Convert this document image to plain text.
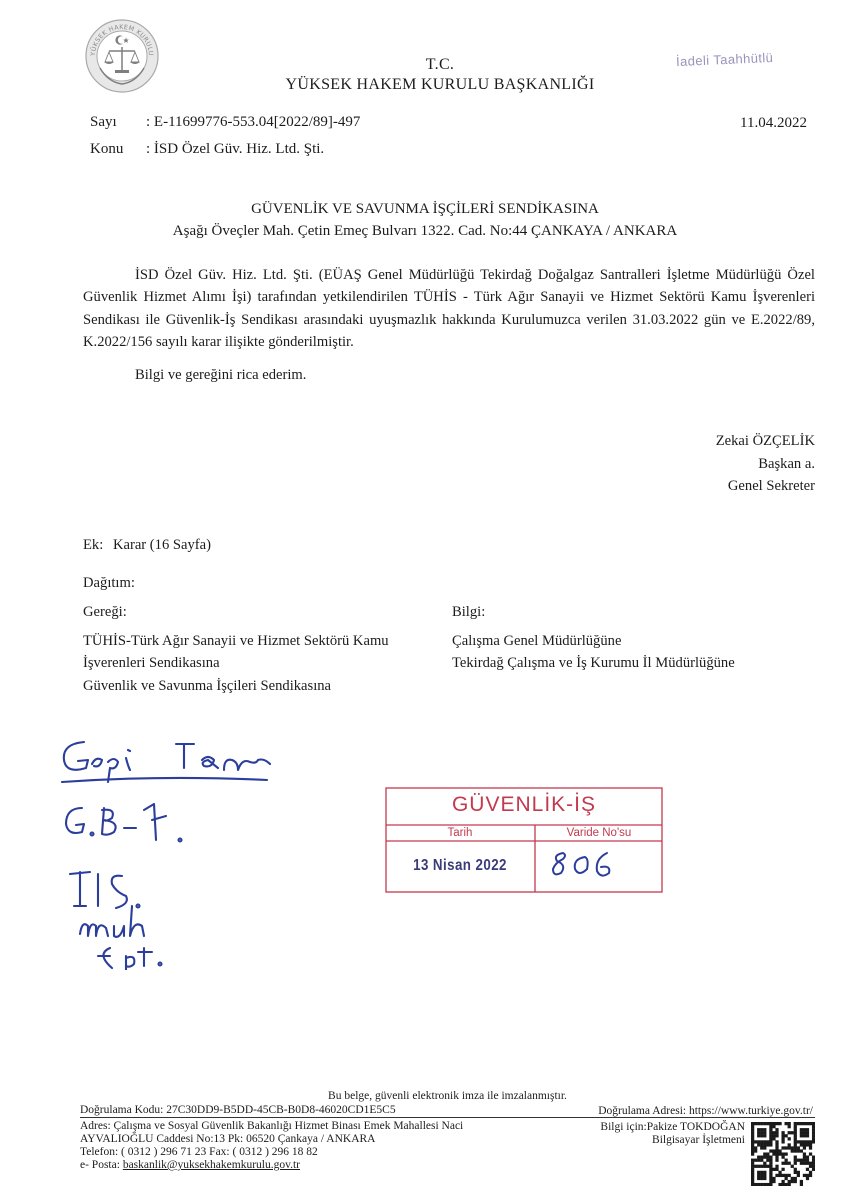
YÜKSEK HAKEM KURULU
T.C.
YÜKSEK HAKEM KURULU BAŞKANLIĞI
İadeli Taahhütlü
Sayı : E-11699776-553.04[2022/89]-497	11.04.2022
Konu : İSD Özel Güv. Hiz. Ltd. Şti.
GÜVENLİK VE SAVUNMA İŞÇİLERİ SENDİKASINA
Aşağı Öveçler Mah. Çetin Emeç Bulvarı 1322. Cad. No:44 ÇANKAYA / ANKARA
İSD Özel Güv. Hiz. Ltd. Şti. (EÜAŞ Genel Müdürlüğü Tekirdağ Doğalgaz Santralleri İşletme Müdürlüğü Özel Güvenlik Hizmet Alımı İşi) tarafından yetkilendirilen TÜHİS - Türk Ağır Sanayii ve Hizmet Sektörü Kamu İşverenleri Sendikası ile Güvenlik-İş Sendikası arasındaki uyuşmazlık hakkında Kurulumuzca verilen 31.03.2022 gün ve E.2022/89, K.2022/156 sayılı karar ilişikte gönderilmiştir.
Bilgi ve gereğini rica ederim.
Zekai ÖZÇELİK
Başkan a.
Genel Sekreter
Ek: Karar (16 Sayfa)
Dağıtım:
Gereği:
TÜHİS-Türk Ağır Sanayii ve Hizmet Sektörü Kamu
İşverenleri Sendikasına
Güvenlik ve Savunma İşçileri Sendikasına
Bilgi:
Çalışma Genel Müdürlüğüne
Tekirdağ Çalışma ve İş Kurumu İl Müdürlüğüne
GÜVENLİK-İŞ
Tarih	Varide No'su
13 Nisan 2022
Bu belge, güvenli elektronik imza ile imzalanmıştır.
Doğrulama Kodu: 27C30DD9-B5DD-45CB-B0D8-46020CD1E5C5	Doğrulama Adresi: https://www.turkiye.gov.tr/
Adres: Çalışma ve Sosyal Güvenlik Bakanlığı Hizmet Binası Emek Mahallesi Naci
AYVALIOĞLU Caddesi No:13 Pk: 06520 Çankaya / ANKARA
Telefon: ( 0312 ) 296 71 23 Fax: ( 0312 ) 296 18 82
e- Posta: baskanlik@yuksekhakemkurulu.gov.tr
Bilgi için:Pakize TOKDOĞAN
Bilgisayar İşletmeni
